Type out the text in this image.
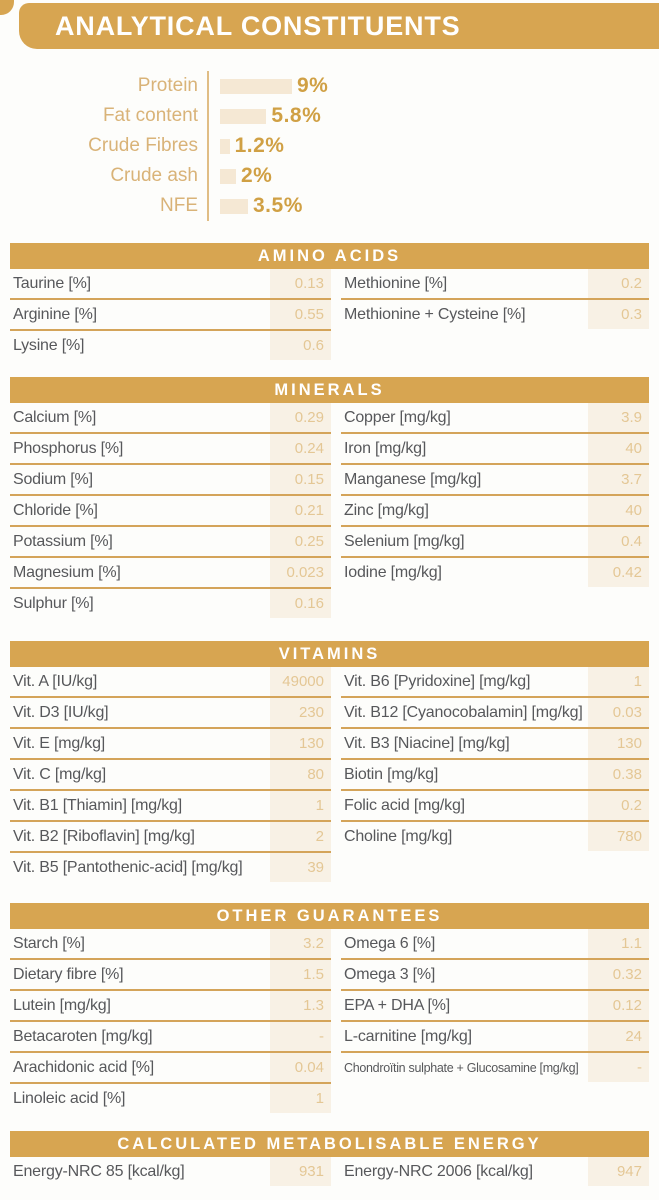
ANALYTICAL CONSTITUENTS
Protein	9%
Fat content	5.8%
Crude Fibres	1.2%
Crude ash	2%
NFE	3.5%
AMINO ACIDS
Taurine [%]	0.13
Arginine [%]	0.55
Lysine [%]	0.6
Methionine [%]	0.2
Methionine + Cysteine [%]	0.3
MINERALS
Calcium [%]	0.29
Phosphorus [%]	0.24
Sodium [%]	0.15
Chloride [%]	0.21
Potassium [%]	0.25
Magnesium [%]	0.023
Sulphur [%]	0.16
Copper [mg/kg]	3.9
Iron [mg/kg]	40
Manganese [mg/kg]	3.7
Zinc [mg/kg]	40
Selenium [mg/kg]	0.4
Iodine [mg/kg]	0.42
VITAMINS
Vit. A [IU/kg]	49000
Vit. D3 [IU/kg]	230
Vit. E [mg/kg]	130
Vit. C [mg/kg]	80
Vit. B1 [Thiamin] [mg/kg]	1
Vit. B2 [Riboflavin] [mg/kg]	2
Vit. B5 [Pantothenic-acid] [mg/kg]	39
Vit. B6 [Pyridoxine] [mg/kg]	1
Vit. B12 [Cyanocobalamin] [mg/kg]	0.03
Vit. B3 [Niacine] [mg/kg]	130
Biotin [mg/kg]	0.38
Folic acid [mg/kg]	0.2
Choline [mg/kg]	780
OTHER GUARANTEES
Starch [%]	3.2
Dietary fibre [%]	1.5
Lutein [mg/kg]	1.3
Betacaroten [mg/kg]	-
Arachidonic acid [%]	0.04
Linoleic acid [%]	1
Omega 6 [%]	1.1
Omega 3 [%]	0.32
EPA + DHA [%]	0.12
L-carnitine [mg/kg]	24
Chondroïtin sulphate + Glucosamine [mg/kg]	-
CALCULATED METABOLISABLE ENERGY
Energy-NRC 85 [kcal/kg]	931	Energy-NRC 2006 [kcal/kg]	947
